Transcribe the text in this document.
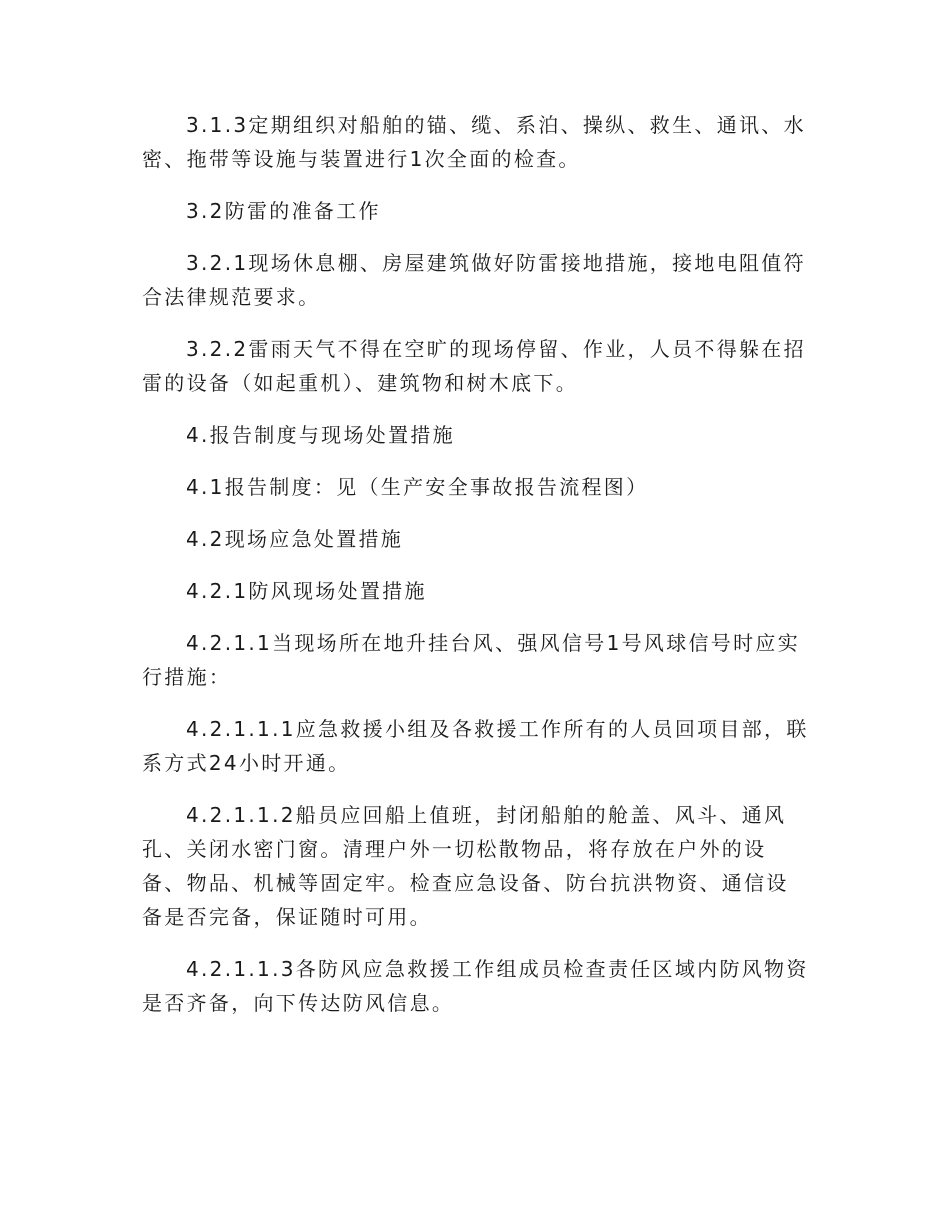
3.1.3定期组织对船舶的锚、缆、系泊、操纵、救生、通讯、水密、拖带等设施与装置进行1次全面的检查。

3.2防雷的准备工作

3.2.1现场休息棚、房屋建筑做好防雷接地措施，接地电阻值符合法律规范要求。

3.2.2雷雨天气不得在空旷的现场停留、作业，人员不得躲在招雷的设备（如起重机）、建筑物和树木底下。

4.报告制度与现场处置措施

4.1报告制度：见（生产安全事故报告流程图）

4.2现场应急处置措施

4.2.1防风现场处置措施

4.2.1.1当现场所在地升挂台风、强风信号1号风球信号时应实行措施：

4.2.1.1.1应急救援小组及各救援工作所有的人员回项目部，联系方式24小时开通。

4.2.1.1.2船员应回船上值班，封闭船舶的舱盖、风斗、通风孔、关闭水密门窗。清理户外一切松散物品，将存放在户外的设备、物品、机械等固定牢。检查应急设备、防台抗洪物资、通信设备是否完备，保证随时可用。

4.2.1.1.3各防风应急救援工作组成员检查责任区域内防风物资是否齐备，向下传达防风信息。
